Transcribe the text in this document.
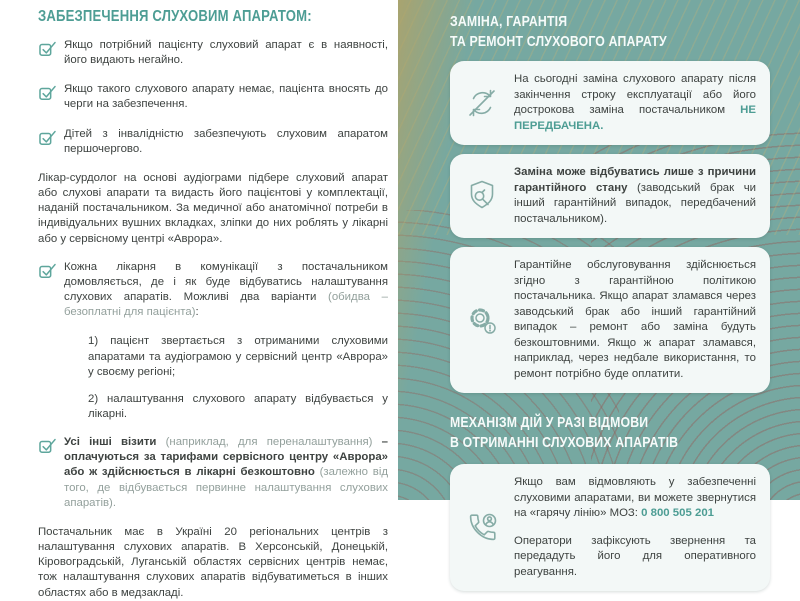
ЗАБЕЗПЕЧЕННЯ СЛУХОВИМ АПАРАТОМ:
Якщо потрібний пацієнту слуховий апарат є в наявності, його видають негайно.
Якщо такого слухового апарату немає, пацієнта вносять до черги на забезпечення.
Дітей з інвалідністю забезпечують слуховим апаратом першочергово.
Лікар-сурдолог на основі аудіограми підбере слуховий апарат або слухові апарати та видасть його пацієнтові у комплектації, наданій постачальником. За медичної або анатомічної потреби в індивідуальних вушних вкладках, зліпки до них роблять у лікарні або у сервісному центрі «Аврора».
Кожна лікарня в комунікації з постачальником домовляється, де і як буде відбуватись налаштування слухових апаратів. Можливі два варіанти (обидва – безоплатні для пацієнта):
1) пацієнт звертається з отриманими слуховими апаратами та аудіограмою у сервісний центр «Аврора» у своєму регіоні;
2) налаштування слухового апарату відбувається у лікарні.
Усі інші візити (наприклад, для переналаштування) – оплачуються за тарифами сервісного центру «Аврора» або ж здійснюється в лікарні безкоштовно (залежно від того, де відбувається первинне налаштування слухових апаратів).
Постачальник має в Україні 20 регіональних центрів з налаштування слухових апаратів. В Херсонській, Донецькій, Кіровоградській, Луганській областях сервісних центрів немає, тож налаштування слухових апаратів відбуватиметься в інших областях або в медзакладі.
ЗАМІНА, ГАРАНТІЯ
ТА РЕМОНТ СЛУХОВОГО АПАРАТУ
На сьогодні заміна слухового апарату після закінчення строку експлуатації або його дострокова заміна постачальником НЕ ПЕРЕДБАЧЕНА.
Заміна може відбуватись лише з причини гарантійного стану (заводський брак чи інший гарантійний випадок, передбачений постачальником).
Гарантійне обслуговування здійснюється згідно з гарантійною політикою постачальника. Якщо апарат зламався через заводський брак або інший гарантійний випадок – ремонт або заміна будуть безкоштовними. Якщо ж апарат зламався, наприклад, через недбале використання, то ремонт потрібно буде оплатити.
МЕХАНІЗМ ДІЙ У РАЗІ ВІДМОВИ
В ОТРИМАННІ СЛУХОВИХ АПАРАТІВ
Якщо вам відмовляють у забезпеченні слуховими апаратами, ви можете звернутися на «гарячу лінію» МОЗ: 0 800 505 201
Оператори зафіксують звернення та передадуть його для оперативного реагування.
